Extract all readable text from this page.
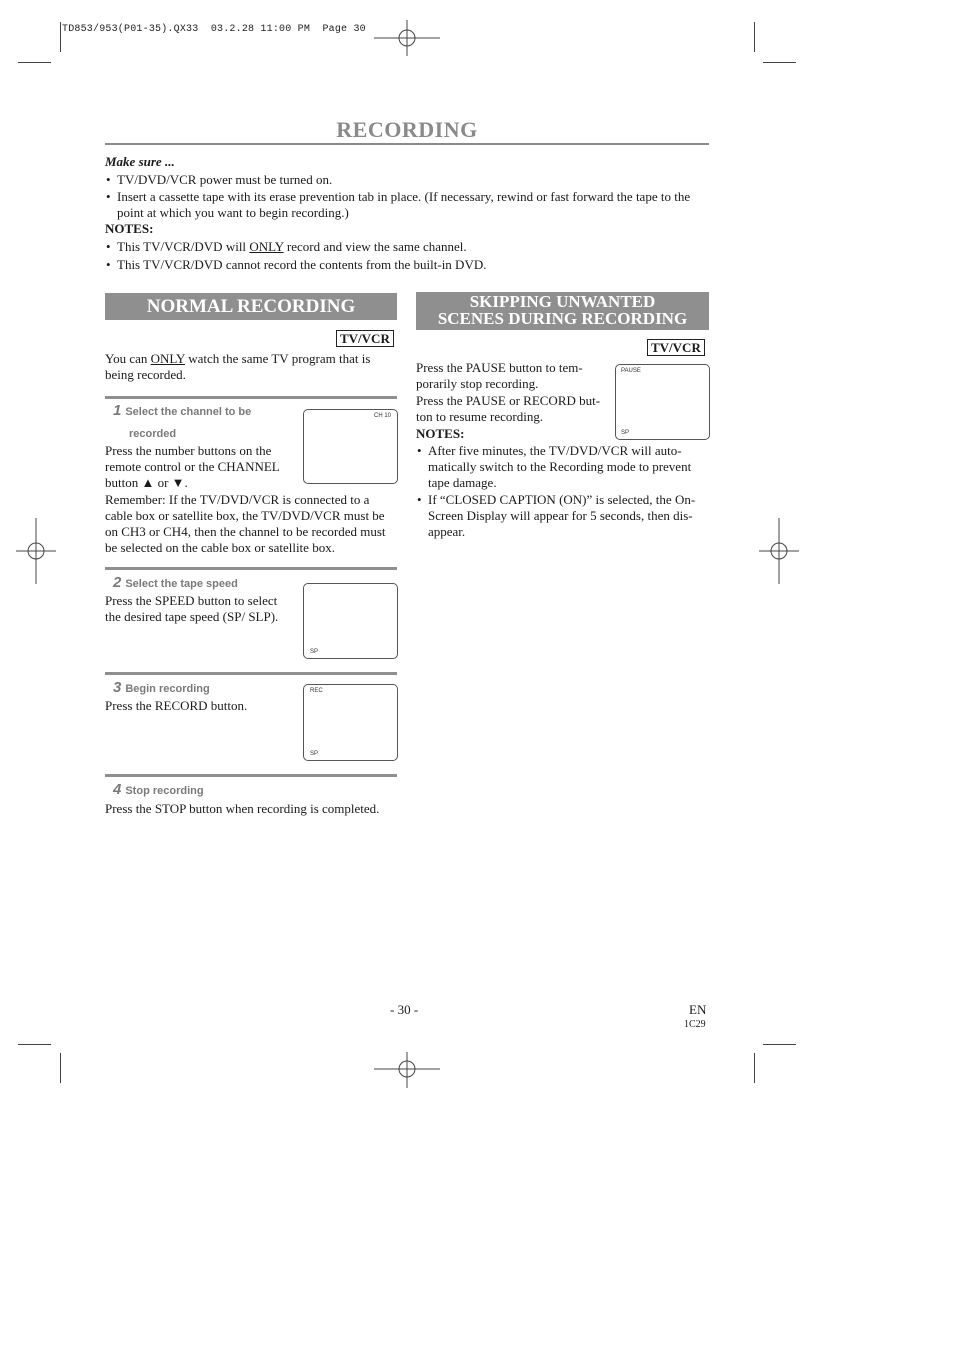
TD853/953(P01-35).QX33  03.2.28 11:00 PM  Page 30
RECORDING
Make sure ...
• TV/DVD/VCR power must be turned on.
• Insert a cassette tape with its erase prevention tab in place. (If necessary, rewind or fast forward the tape to the point at which you want to begin recording.)
NOTES:
• This TV/VCR/DVD will ONLY record and view the same channel.
• This TV/VCR/DVD cannot record the contents from the built-in DVD.
NORMAL RECORDING
TV/VCR
You can ONLY watch the same TV program that is being recorded.
1 Select the channel to be
recorded
CH 10
Press the number buttons on the remote control or the CHANNEL button ▲ or ▼.
Remember: If the TV/DVD/VCR is connected to a cable box or satellite box, the TV/DVD/VCR must be on CH3 or CH4, then the channel to be recorded must be selected on the cable box or satellite box.
2 Select the tape speed
SP
Press the SPEED button to select the desired tape speed (SP/ SLP).
3 Begin recording	REC
SP
Press the RECORD button.
4 Stop recording
Press the STOP button when recording is completed.
SKIPPING UNWANTED
SCENES DURING RECORDING
TV/VCR
PAUSE
SP
Press the PAUSE button to tem-porarily stop recording.
Press the PAUSE or RECORD but-ton to resume recording.
NOTES:
• After five minutes, the TV/DVD/VCR will auto-matically switch to the Recording mode to prevent tape damage.
• If “CLOSED CAPTION (ON)” is selected, the On-Screen Display will appear for 5 seconds, then dis-appear.
- 30 -	EN
1C29
